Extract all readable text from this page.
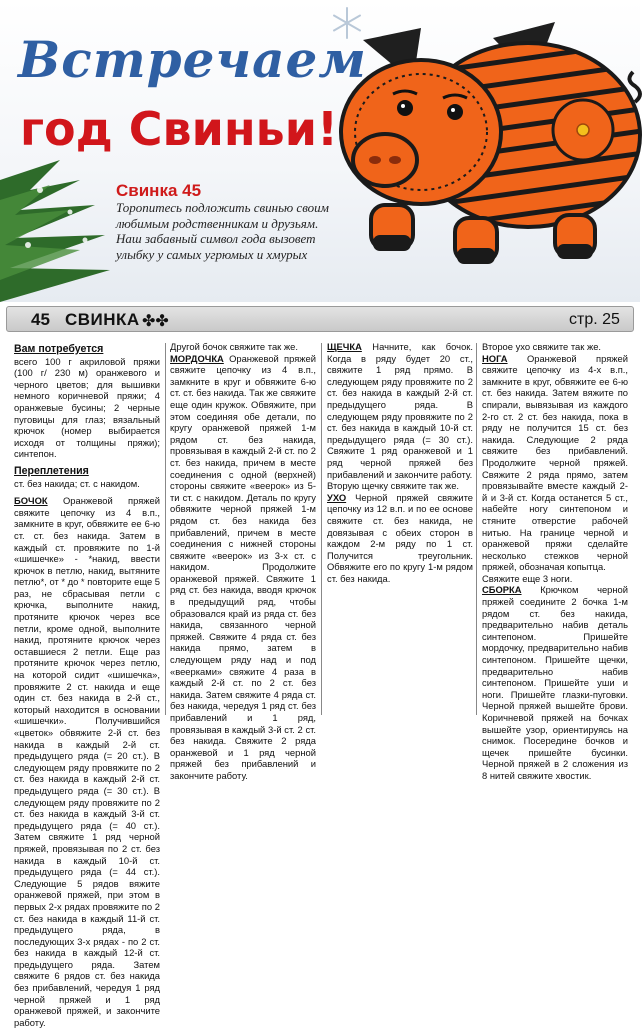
Встречаем
год Свиньи!
Свинка 45
Торопитесь подложить свинью своим любимым родственникам и друзьям. Наш забавный символ года вызовет улыбку у самых угрюмых и хмурых
45 СВИНКА ✤✤	стр. 25

Вам потребуется

всего 100 г акриловой пряжи (100 г/ 230 м) оранжевого и черного цветов; для вышивки немного коричневой пряжи; 4 оранжевые бусины; 2 черные пуговицы для глаз; вязальный крючок (номер выбирается исходя от толщины пряжи); синтепон.

Переплетения

ст. без накида; ст. с накидом.

БОЧОК Оранжевой пряжей свяжите цепочку из 4 в.п., замкните в круг, обвяжите ее 6-ю ст. ст. без накида. Затем в каждый ст. провяжите по 1-й «шишечке» - *накид, ввести крючок в петлю, накид, вытяните петлю*, от * до * повторите еще 5 раз, не сбрасывая петли с крючка, выполните накид, протяните крючок через все петли, кроме одной, выполните накид, протяните крючок через оставшиеся 2 петли. Еще раз протяните крючок через петлю, на которой сидит «шишечка», провяжите 2 ст. накида и еще один ст. без накида в 2-й ст., который находится в основании «шишечки». Получившийся «цветок» обвяжите 2-й ст. без накида в каждый 2-й ст. предыдущего ряда (= 20 ст.). В следующем ряду провяжите по 2 ст. без накида в каждый 2-й ст. предыдущего ряда (= 30 ст.). В следующем ряду провяжите по 2 ст. без накида в каждый 3-й ст. предыдущего ряда (= 40 ст.). Затем свяжите 1 ряд черной пряжей, провязывая по 2 ст. без накида в каждый 10-й ст. предыдущего ряда (= 44 ст.). Следующие 5 рядов вяжите оранжевой пряжей, при этом в первых 2-х рядах провяжите по 2 ст. без накида в каждый 11-й ст. предыдущего ряда, в последующих 3-х рядах - по 2 ст. без накида в каждый 12-й ст. предыдущего ряда. Затем свяжите 6 рядов ст. без накида без прибавлений, чередуя 1 ряд черной пряжей и 1 ряд оранжевой пряжей, и закончите работу.

Другой бочок свяжите так же.

МОРДОЧКА Оранжевой пряжей свяжите цепочку из 4 в.п., замкните в круг и обвяжите 6-ю ст. ст. без накида. Так же свяжите еще один кружок. Обвяжите, при этом соединяя обе детали, по кругу оранжевой пряжей 1-м рядом ст. без накида, провязывая в каждый 2-й ст. по 2 ст. без накида, причем в месте соединения с одной (верхней) стороны свяжите «веерок» из 5-ти ст. с накидом. Деталь по кругу обвяжите черной пряжей 1-м рядом ст. без накида без прибавлений, причем в месте соединения с нижней стороны свяжите «веерок» из 3-х ст. с накидом. Продолжите оранжевой пряжей. Свяжите 1 ряд ст. без накида, вводя крючок в предыдущий ряд, чтобы образовался край из ряда ст. без накида, связанного черной пряжей. Свяжите 4 ряда ст. без накида прямо, затем в следующем ряду над и под «веерками» свяжите 4 раза в каждый 2-й ст. по 2 ст. без накида. Затем свяжите 4 ряда ст. без накида, чередуя 1 ряд ст. без прибавлений и 1 ряд, провязывая в каждый 3-й ст. 2 ст. без накида. Свяжите 2 ряда оранжевой и 1 ряд черной пряжей без прибавлений и закончите работу.

ЩЕЧКА Начните, как бочок. Когда в ряду будет 20 ст., свяжите 1 ряд прямо. В следующем ряду провяжите по 2 ст. без накида в каждый 2-й ст. предыдущего ряда. В следующем ряду провяжите по 2 ст. без накида в каждый 10-й ст. предыдущего ряда (= 30 ст.). Свяжите 1 ряд оранжевой и 1 ряд черной пряжей без прибавлений и закончите работу.

Вторую щечку свяжите так же.

УХО Черной пряжей свяжите цепочку из 12 в.п. и по ее основе свяжите ст. без накида, не довязывая с обеих сторон в каждом 2-м ряду по 1 ст. Получится треугольник. Обвяжите его по кругу 1-м рядом ст. без накида.

Второе ухо свяжите так же.

НОГА Оранжевой пряжей свяжите цепочку из 4-х в.п., замкните в круг, обвяжите ее 6-ю ст. без накида. Затем вяжите по спирали, вывязывая из каждого 2-го ст. 2 ст. без накида, пока в ряду не получится 15 ст. без накида. Следующие 2 ряда свяжите без прибавлений. Продолжите черной пряжей. Свяжите 2 ряда прямо, затем провязывайте вместе каждый 2-й и 3-й ст. Когда останется 5 ст., набейте ногу синтепоном и стяните отверстие рабочей нитью. На границе черной и оранжевой пряжи сделайте несколько стежков черной пряжей, обозначая копытца.

Свяжите еще 3 ноги.

СБОРКА Крючком черной пряжей соедините 2 бочка 1-м рядом ст. без накида, предварительно набив деталь синтепоном. Пришейте мордочку, предварительно набив синтепоном. Пришейте щечки, предварительно набив синтепоном. Пришейте уши и ноги. Пришейте глазки-пуговки. Черной пряжей вышейте брови. Коричневой пряжей на бочках вышейте узор, ориентируясь на снимок. Посередине бочков и щечек пришейте бусинки. Черной пряжей в 2 сложения из 8 нитей свяжите хвостик.
